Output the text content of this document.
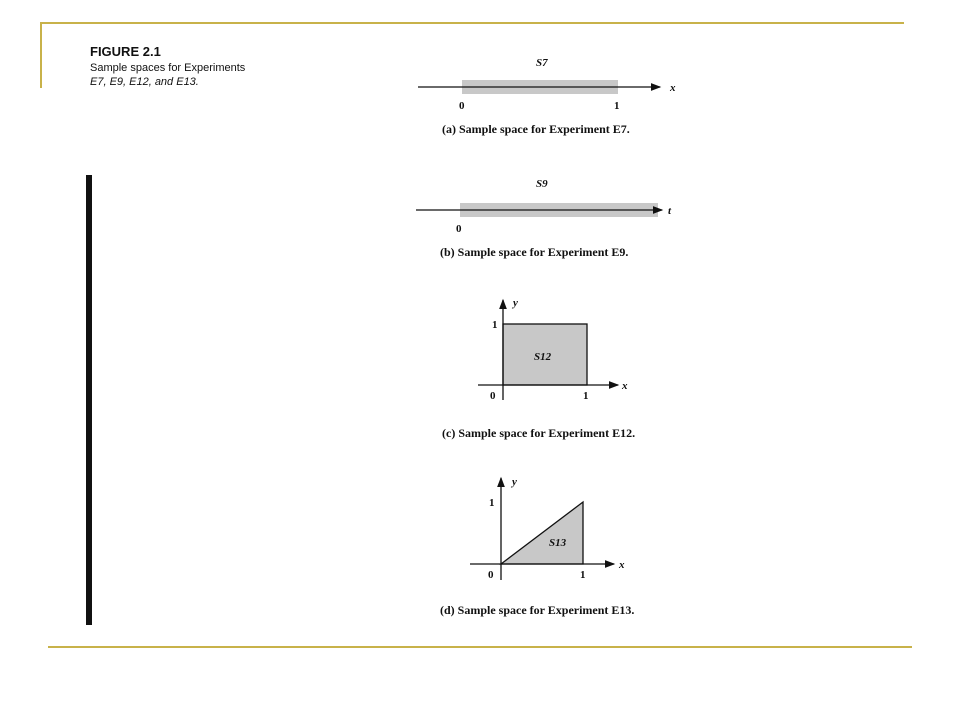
FIGURE 2.1
Sample spaces for Experiments
E7, E9, E12, and E13.
S7
x
0	1
(a) Sample space for Experiment E7.
S9
t
0
(b) Sample space for Experiment E9.
y
x
1
1
0
S12
(c) Sample space for Experiment E12.
y
x
1
1
0
S13
(d) Sample space for Experiment E13.
